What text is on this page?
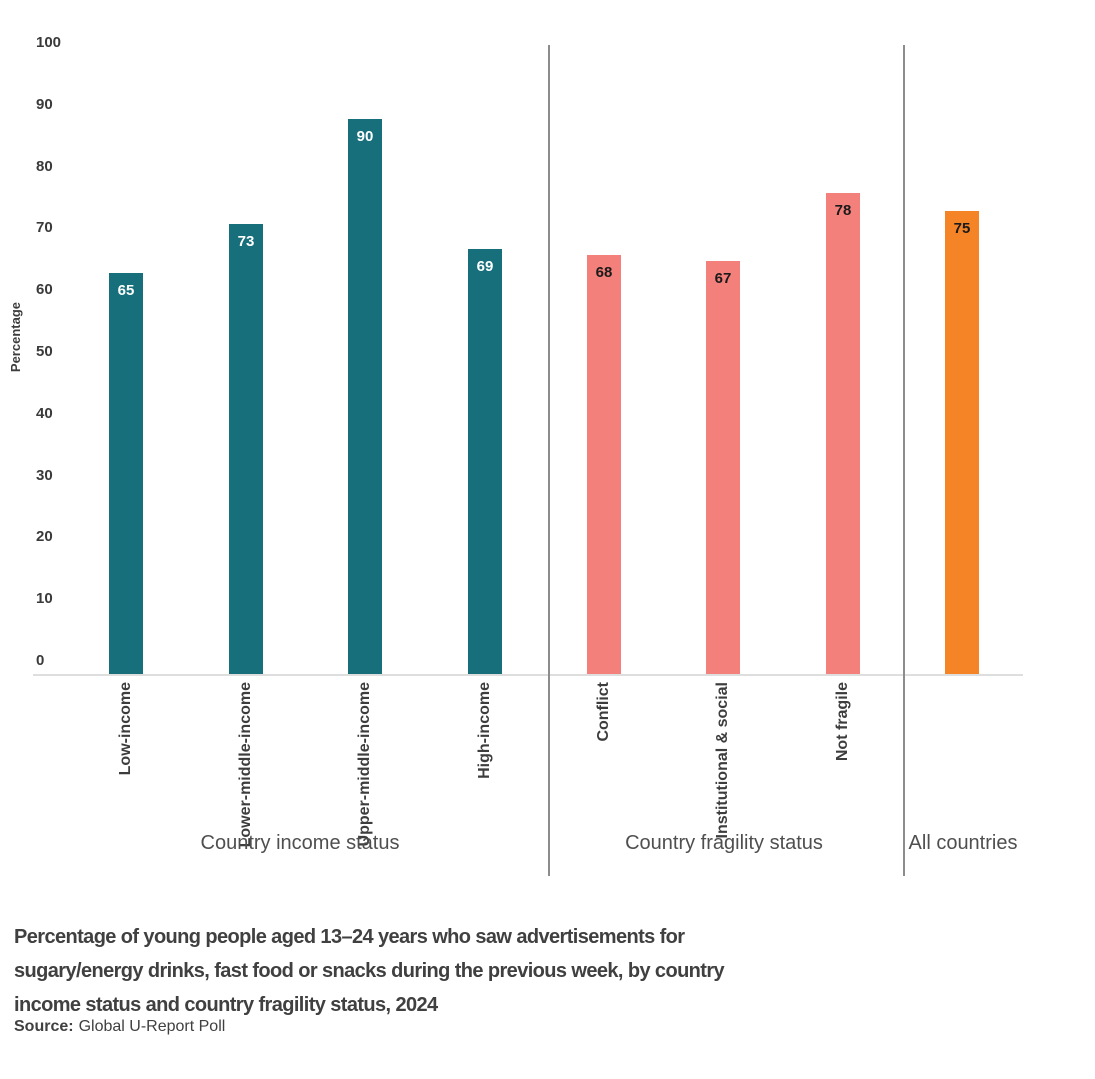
Percentage
0
10
20
30
40
50
60
70
80
90
100
65
Low-income
73
Lower-middle-income
90
Upper-middle-income
69
High-income
Country income status
68
Conflict
67
Institutional & social
78
Not fragile
Country fragility status
75
All countries
Percentage of young people aged 13–24 years who saw advertisements for
sugary/energy drinks, fast food or snacks during the previous week, by country
income status and country fragility status, 2024
Source: Global U-Report Poll
